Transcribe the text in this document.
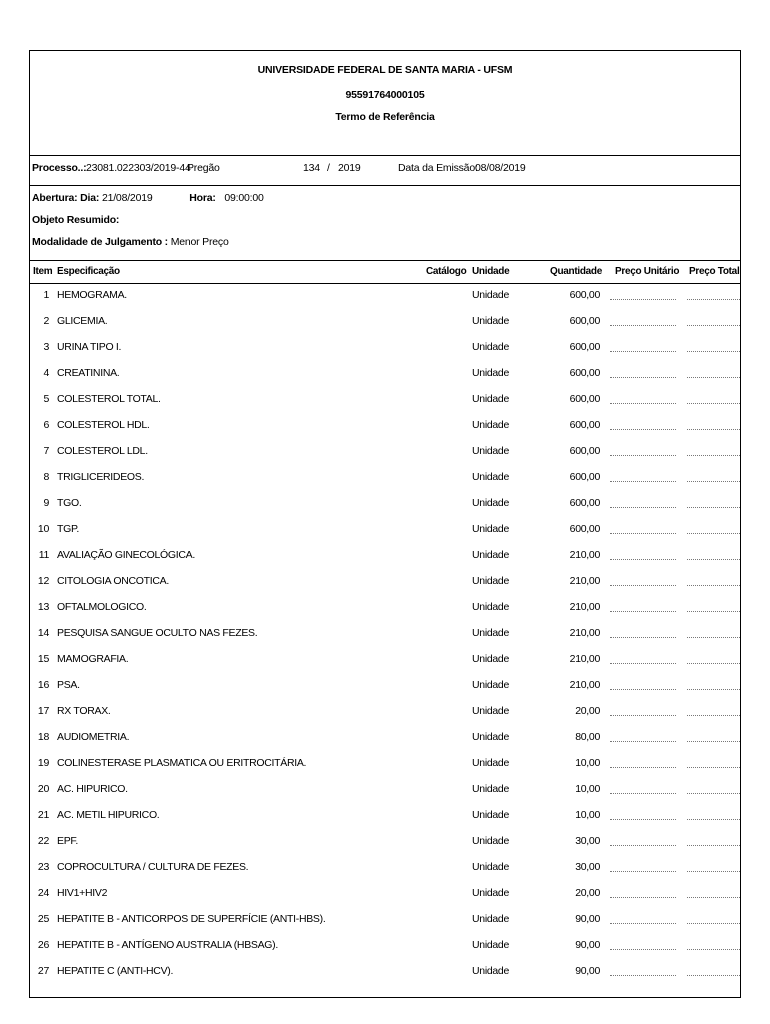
UNIVERSIDADE FEDERAL DE SANTA MARIA - UFSM
95591764000105
Termo de Referência
Processo..: 23081.022303/2019-44
Pregão	134 / 2019	Data da Emissão:
08/08/2019
Abertura: Dia: 21/08/2019	Hora: 09:00:00
Objeto Resumido:
Modalidade de Julgamento : Menor Preço
Item Especificação	Catálogo Unidade	Quantidade Preço Unitário Preço Total
1 HEMOGRAMA.	Unidade	600,00
2 GLICEMIA.	Unidade	600,00
3 URINA TIPO I.	Unidade	600,00
4 CREATININA.	Unidade	600,00
5 COLESTEROL TOTAL.	Unidade	600,00
6 COLESTEROL HDL.	Unidade	600,00
7 COLESTEROL LDL.	Unidade	600,00
8 TRIGLICERIDEOS.	Unidade	600,00
9 TGO.	Unidade	600,00
10 TGP.	Unidade	600,00
11 AVALIAÇÃO GINECOLÓGICA.	Unidade	210,00
12 CITOLOGIA ONCOTICA.	Unidade	210,00
13 OFTALMOLOGICO.	Unidade	210,00
14 PESQUISA SANGUE OCULTO NAS FEZES.	Unidade	210,00
15 MAMOGRAFIA.	Unidade	210,00
16 PSA.	Unidade	210,00
17 RX TORAX.	Unidade	20,00
18 AUDIOMETRIA.	Unidade	80,00
19 COLINESTERASE PLASMATICA OU ERITROCITÁRIA.	Unidade	10,00
20 AC. HIPURICO.	Unidade	10,00
21 AC. METIL HIPURICO.	Unidade	10,00
22 EPF.	Unidade	30,00
23 COPROCULTURA / CULTURA DE FEZES.	Unidade	30,00
24 HIV1+HIV2	Unidade	20,00
25 HEPATITE B - ANTICORPOS DE SUPERFÍCIE (ANTI-HBS).	Unidade	90,00
26 HEPATITE B - ANTÍGENO AUSTRALIA (HBSAG).	Unidade	90,00
27 HEPATITE C (ANTI-HCV).	Unidade	90,00
